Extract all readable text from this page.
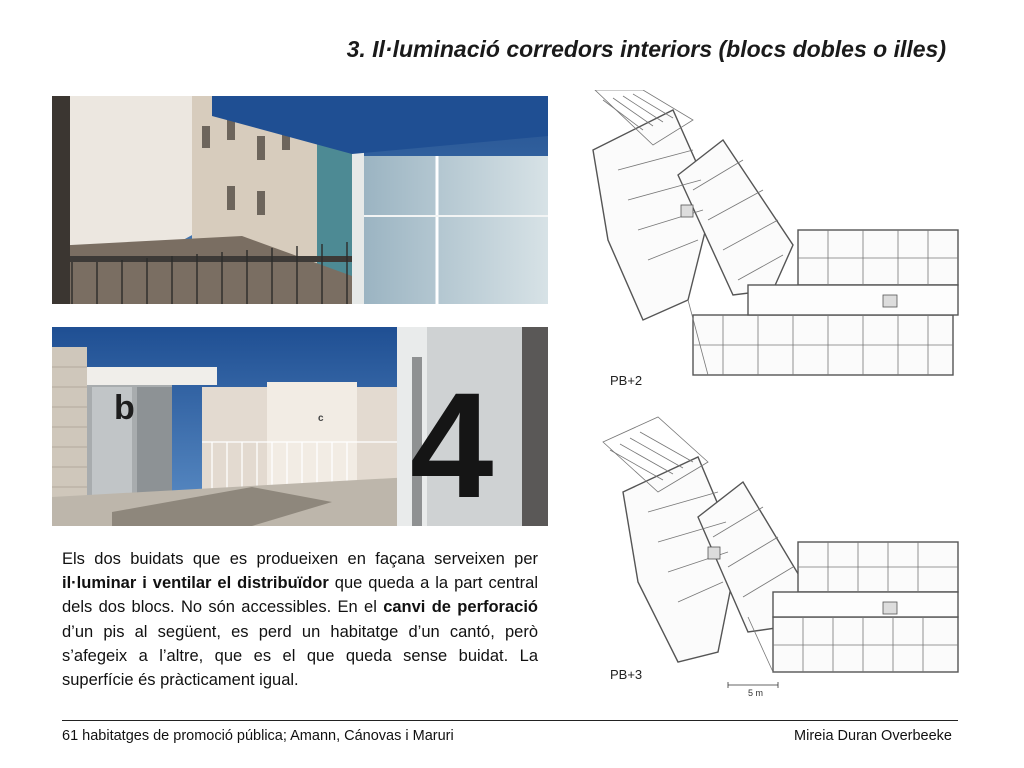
3. Il·luminació corredors interiors (blocs dobles o illes)
b	c 4

Els dos buidats que es produeixen en façana serveixen per il·luminar i ventilar el distribuïdor que queda a la part central dels dos blocs. No són accessibles. En el canvi de perforació d’un pis al següent, es perd un habitatge d’un cantó, però s’afegeix a l’altre, que es el que queda sense buidat. La superfície és pràcticament igual.

PB+2
PB+3
5 m
61 habitatges de promoció pública; Amann, Cánovas i Maruri	Mireia Duran Overbeeke
